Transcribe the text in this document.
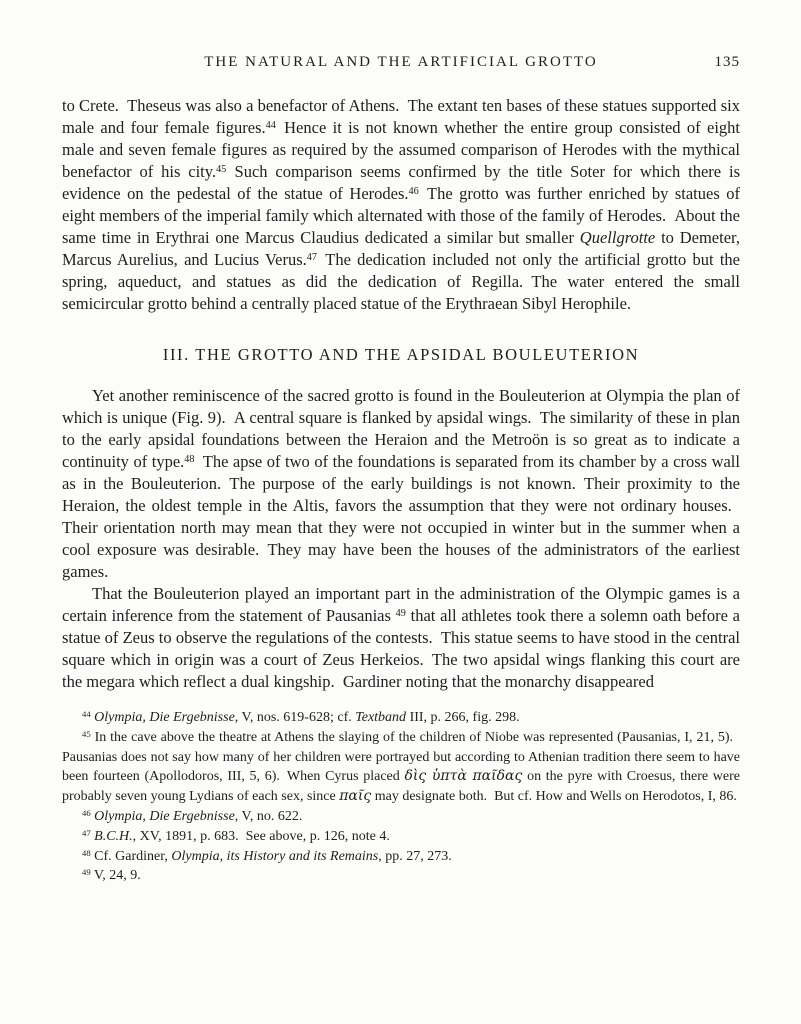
THE NATURAL AND THE ARTIFICIAL GROTTO	135

to Crete. Theseus was also a benefactor of Athens. The extant ten bases of these statues supported six male and four female figures.$^{44}$ Hence it is not known whether the entire group consisted of eight male and seven female figures as required by the assumed comparison of Herodes with the mythical benefactor of his city.$^{45}$ Such comparison seems confirmed by the title Soter for which there is evidence on the pedestal of the statue of Herodes.$^{46}$ The grotto was further enriched by statues of eight members of the imperial family which alternated with those of the family of Herodes. About the same time in Erythrai one Marcus Claudius dedicated a similar but smaller Quellgrotte to Demeter, Marcus Aurelius, and Lucius Verus.$^{47}$ The dedication included not only the artificial grotto but the spring, aqueduct, and statues as did the dedication of Regilla. The water entered the small semicircular grotto behind a centrally placed statue of the Erythraean Sibyl Herophile.

III. THE GROTTO AND THE APSIDAL BOULEUTERION

Yet another reminiscence of the sacred grotto is found in the Bouleuterion at Olympia the plan of which is unique (Fig. 9). A central square is flanked by apsidal wings. The similarity of these in plan to the early apsidal foundations between the Heraion and the Metroön is so great as to indicate a continuity of type.$^{48}$ The apse of two of the foundations is separated from its chamber by a cross wall as in the Bouleuterion. The purpose of the early buildings is not known. Their proximity to the Heraion, the oldest temple in the Altis, favors the assumption that they were not ordinary houses. Their orientation north may mean that they were not occupied in winter but in the summer when a cool exposure was desirable. They may have been the houses of the administrators of the earliest games.

That the Bouleuterion played an important part in the administration of the Olympic games is a certain inference from the statement of Pausanias $^{49}$ that all athletes took there a solemn oath before a statue of Zeus to observe the regulations of the contests. This statue seems to have stood in the central square which in origin was a court of Zeus Herkeios. The two apsidal wings flanking this court are the megara which reflect a dual kingship. Gardiner noting that the monarchy disappeared

$^{44}$ Olympia, Die Ergebnisse, V, nos. 619-628; cf. Textband III, p. 266, fig. 298.

$^{45}$ In the cave above the theatre at Athens the slaying of the children of Niobe was represented (Pausanias, I, 21, 5). Pausanias does not say how many of her children were portrayed but according to Athenian tradition there seem to have been fourteen (Apollodoros, III, 5, 6). When Cyrus placed δὶς ὑπτὰ παῖδας on the pyre with Croesus, there were probably seven young Lydians of each sex, since παῖς may designate both. But cf. How and Wells on Herodotos, I, 86.

$^{46}$ Olympia, Die Ergebnisse, V, no. 622.

$^{47}$ B.C.H., XV, 1891, p. 683. See above, p. 126, note 4.

$^{48}$ Cf. Gardiner, Olympia, its History and its Remains, pp. 27, 273.

$^{49}$ V, 24, 9.
